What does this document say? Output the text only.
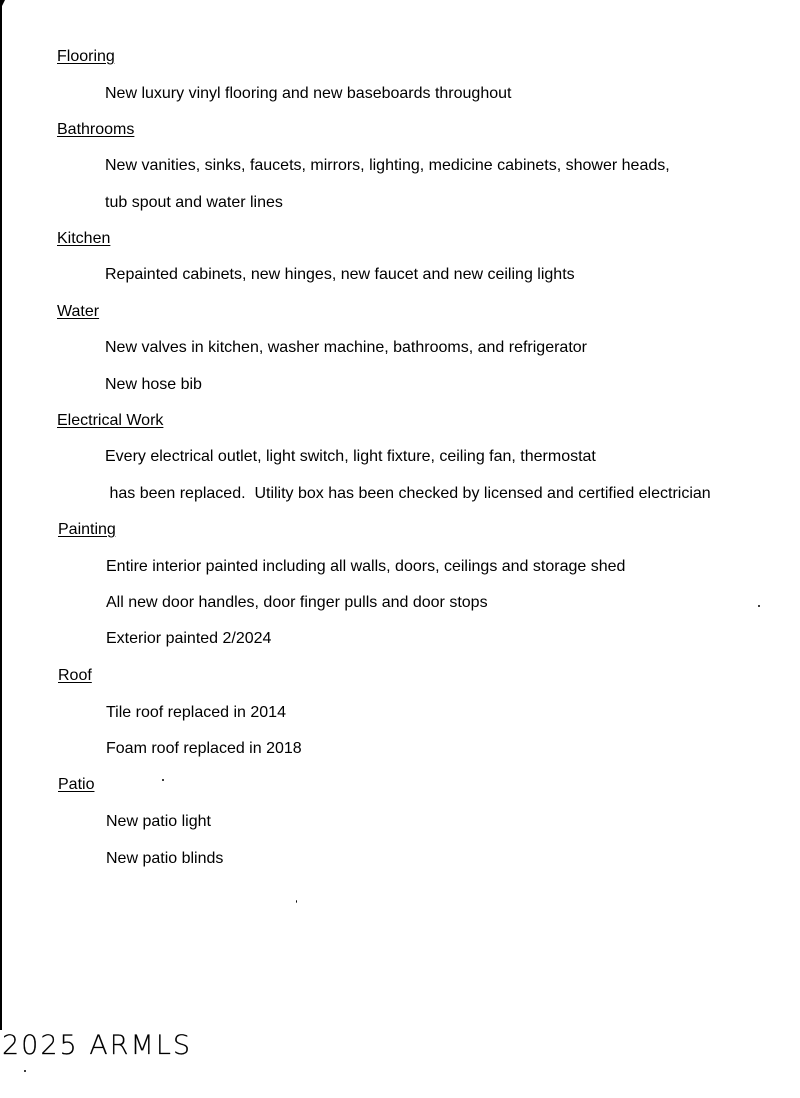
Flooring

New luxury vinyl flooring and new baseboards throughout

Bathrooms

New vanities, sinks, faucets, mirrors, lighting, medicine cabinets, shower heads,

tub spout and water lines

Kitchen

Repainted cabinets, new hinges, new faucet and new ceiling lights

Water

New valves in kitchen, washer machine, bathrooms, and refrigerator

New hose bib

Electrical Work

Every electrical outlet, light switch, light fixture, ceiling fan, thermostat

has been replaced.  Utility box has been checked by licensed and certified electrician

Painting

Entire interior painted including all walls, doors, ceilings and storage shed

All new door handles, door finger pulls and door stops

Exterior painted 2/2024

Roof

Tile roof replaced in 2014

Foam roof replaced in 2018

Patio

New patio light

New patio blinds

2025 ARMLS
